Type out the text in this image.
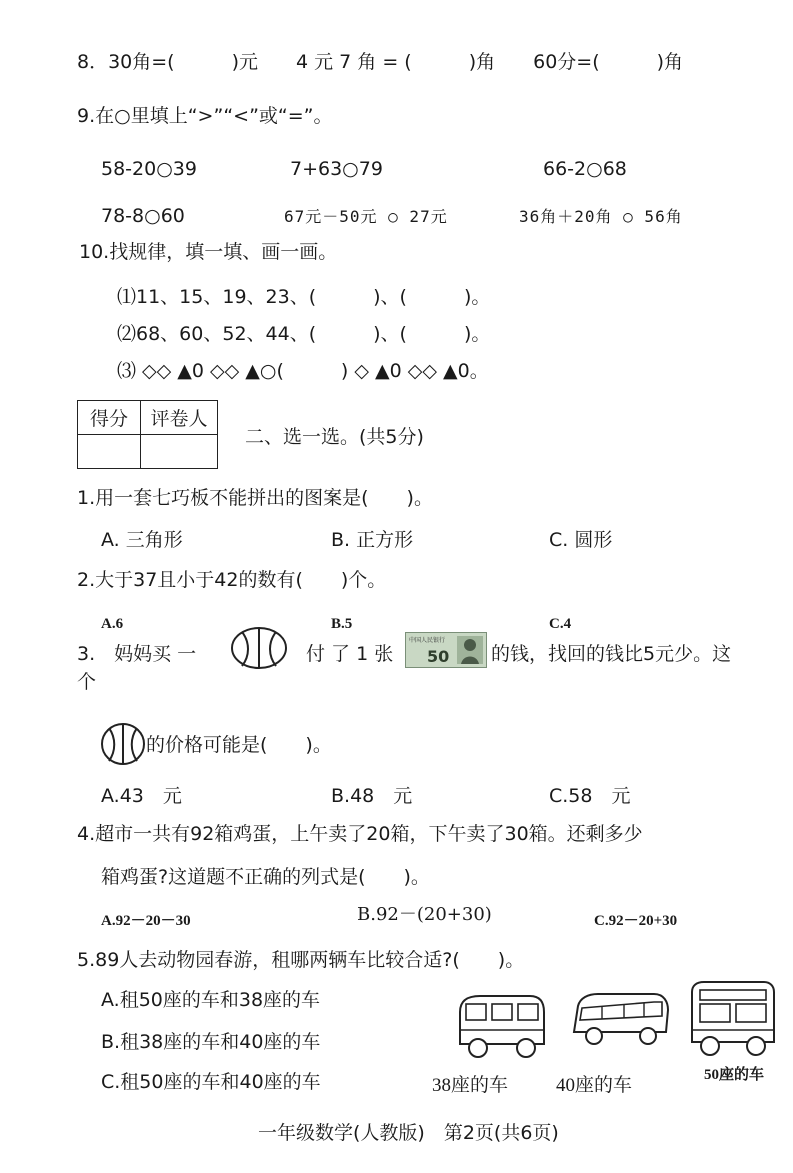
8．30角=(　　　)元　　4 元 7 角 = (　　　)角　　60分=(　　　)角
9.在○里填上“>”“<”或“=”。
58-20○39	7+63○79	66-2○68
78-8○60	67元－50元 ○ 27元	36角＋20角 ○ 56角
10.找规律，填一填、画一画。
⑴11、15、19、23、(　　　)、(　　　)。
⑵68、60、52、44、(　　　)、(　　　)。
⑶ ◇◇ ▲0 ◇◇ ▲○(　　　) ◇ ▲0 ◇◇ ▲0。
得分	评卷人

二、选一选。(共5分)
1.用一套七巧板不能拼出的图案是(　　)。
A. 三角形	B. 正方形	C. 圆形
2.大于37且小于42的数有(　　)个。
A.6	B.5	C.4
3.　妈妈买 一	付 了 1 张
中国人民银行
50 的钱，找回的钱比5元少。这
个
的价格可能是(　　)。
A.43　元	B.48　元	C.58　元
4.超市一共有92箱鸡蛋，上午卖了20箱，下午卖了30箱。还剩多少
箱鸡蛋?这道题不正确的列式是(　　)。
A.92－20－30	B.92－(20+30)	C.92－20+30
5.89人去动物园春游，租哪两辆车比较合适?(　　)。
A.租50座的车和38座的车
B.租38座的车和40座的车
C.租50座的车和40座的车	38座的车	40座的车	50座的车
一年级数学(人教版)　第2页(共6页)
